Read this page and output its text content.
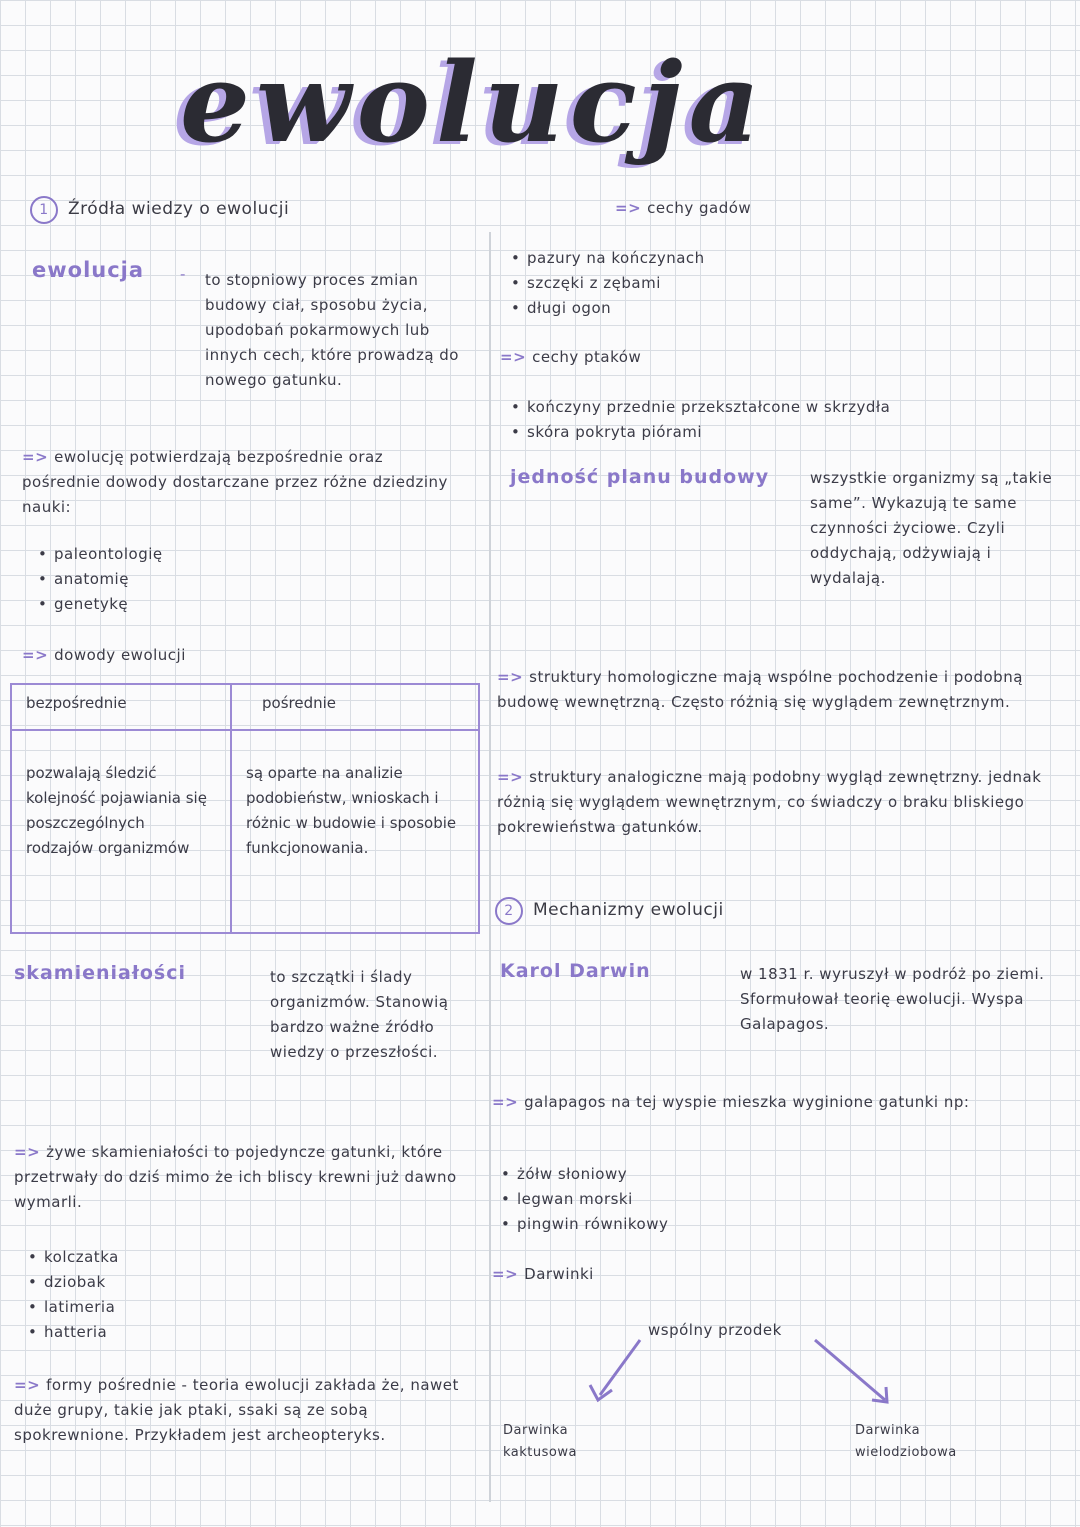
ewolucja
1 Źródła wiedzy o ewolucji
ewolucja - to stopniowy proces zmian budowy ciał, sposobu życia, upodobań pokarmowych lub innych cech, które prowadzą do nowego gatunku.
=> ewolucję potwierdzają bezpośrednie oraz pośrednie dowody dostarczane przez różne dziedziny nauki:
• paleontologię
• anatomię
• genetykę
=> dowody ewolucji
bezpośrednie	pośrednie
pozwalają śledzić kolejność pojawiania się poszczególnych rodzajów organizmów	są oparte na analizie podobieństw, wnioskach i różnic w budowie i sposobie funkcjonowania.
skamieniałości	to szczątki i ślady organizmów. Stanowią bardzo ważne źródło wiedzy o przeszłości.
=> żywe skamieniałości to pojedyncze gatunki, które przetrwały do dziś mimo że ich bliscy krewni już dawno wymarli.
• kolczatka
• dziobak
• latimeria
• hatteria
=> formy pośrednie - teoria ewolucji zakłada że, nawet duże grupy, takie jak ptaki, ssaki są ze sobą spokrewnione. Przykładem jest archeopteryks.
=> cechy gadów
• pazury na kończynach
• szczęki z zębami
• długi ogon
=> cechy ptaków
• kończyny przednie przekształcone w skrzydła
• skóra pokryta piórami
jedność planu budowy	wszystkie organizmy są „takie same”. Wykazują te same czynności życiowe. Czyli oddychają, odżywiają i wydalają.
=> struktury homologiczne mają wspólne pochodzenie i podobną budowę wewnętrzną. Często różnią się wyglądem zewnętrznym.
=> struktury analogiczne mają podobny wygląd zewnętrzny. jednak różnią się wyglądem wewnętrznym, co świadczy o braku bliskiego pokrewieństwa gatunków.
2 Mechanizmy ewolucji
Karol Darwin	w 1831 r. wyruszył w podróż po ziemi. Sformułował teorię ewolucji. Wyspa Galapagos.
=> galapagos na tej wyspie mieszka wyginione gatunki np:
• żółw słoniowy
• legwan morski
• pingwin równikowy
=> Darwinki
wspólny przodek
Darwinka kaktusowa
Darwinka wielodziobowa
